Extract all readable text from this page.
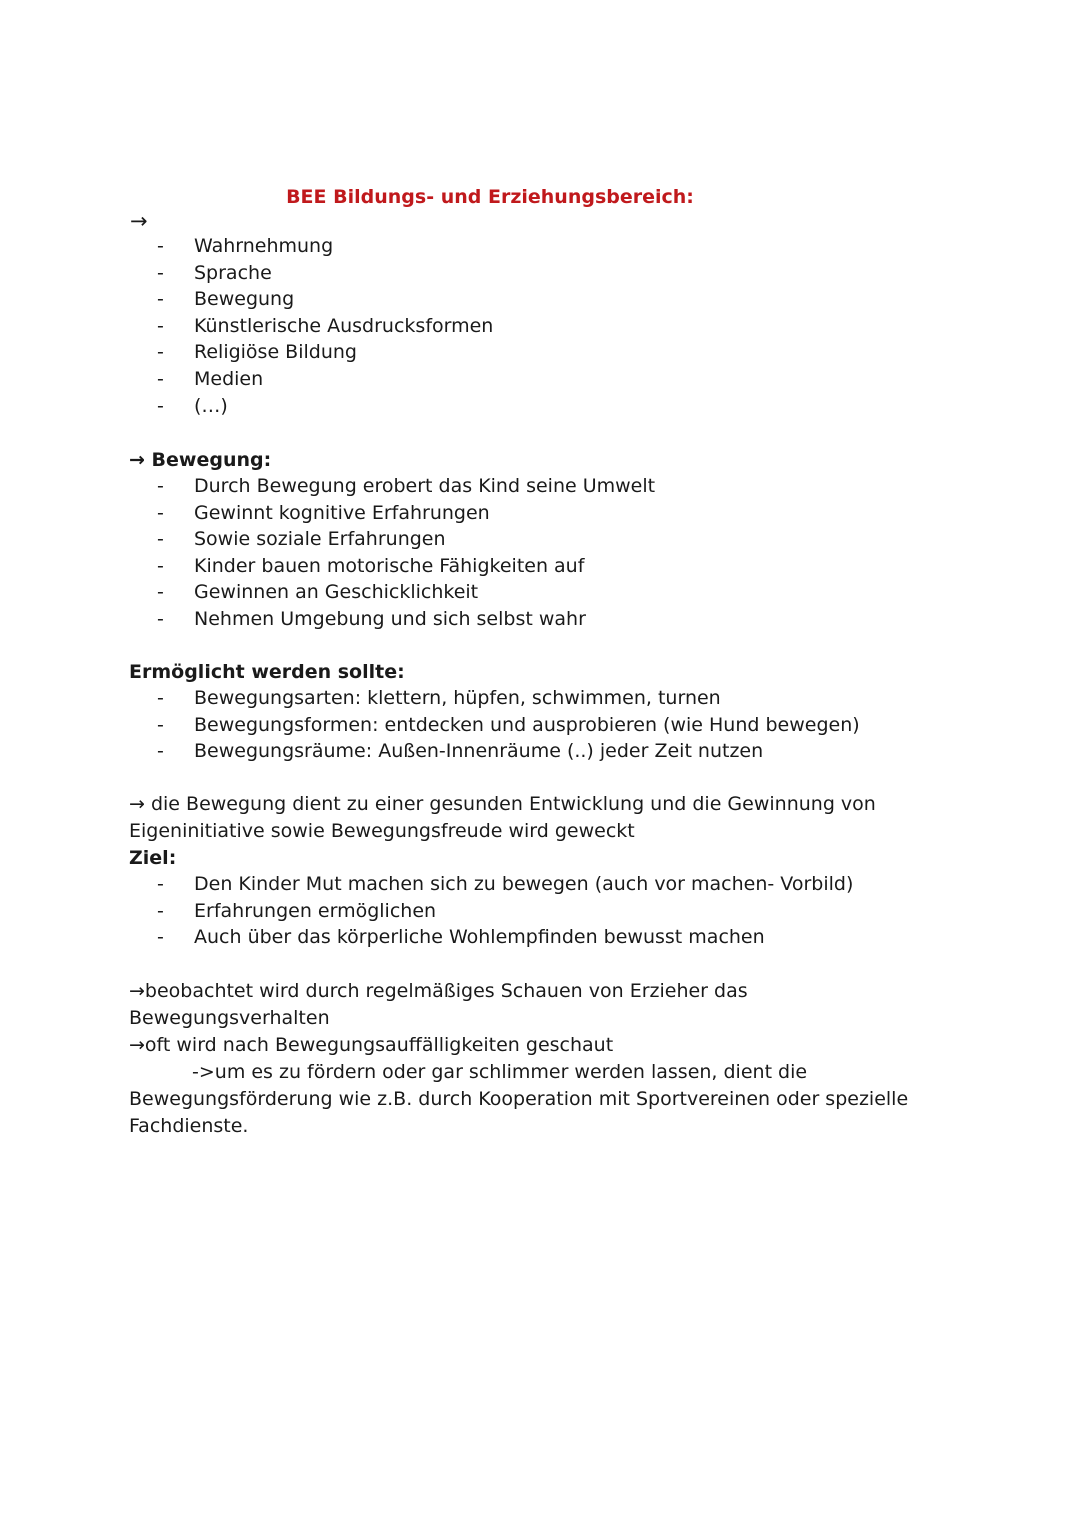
BEE Bildungs- und Erziehungsbereich:
→
- Wahrnehmung
- Sprache
- Bewegung
- Künstlerische Ausdrucksformen
- Religiöse Bildung
- Medien
- (…)
→ Bewegung:
- Durch Bewegung erobert das Kind seine Umwelt
- Gewinnt kognitive Erfahrungen
- Sowie soziale Erfahrungen
- Kinder bauen motorische Fähigkeiten auf
- Gewinnen an Geschicklichkeit
- Nehmen Umgebung und sich selbst wahr
Ermöglicht werden sollte:
- Bewegungsarten: klettern, hüpfen, schwimmen, turnen
- Bewegungsformen: entdecken und ausprobieren (wie Hund bewegen)
- Bewegungsräume: Außen-Innenräume (..) jeder Zeit nutzen
→ die Bewegung dient zu einer gesunden Entwicklung und die Gewinnung von
Eigeninitiative sowie Bewegungsfreude wird geweckt
Ziel:
- Den Kinder Mut machen sich zu bewegen (auch vor machen- Vorbild)
- Erfahrungen ermöglichen
- Auch über das körperliche Wohlempfinden bewusst machen
→beobachtet wird durch regelmäßiges Schauen von Erzieher das Bewegungsverhalten
→oft wird nach Bewegungsauffälligkeiten geschaut
->um es zu fördern oder gar schlimmer werden lassen, dient die
Bewegungsförderung wie z.B. durch Kooperation mit Sportvereinen oder spezielle
Fachdienste.
